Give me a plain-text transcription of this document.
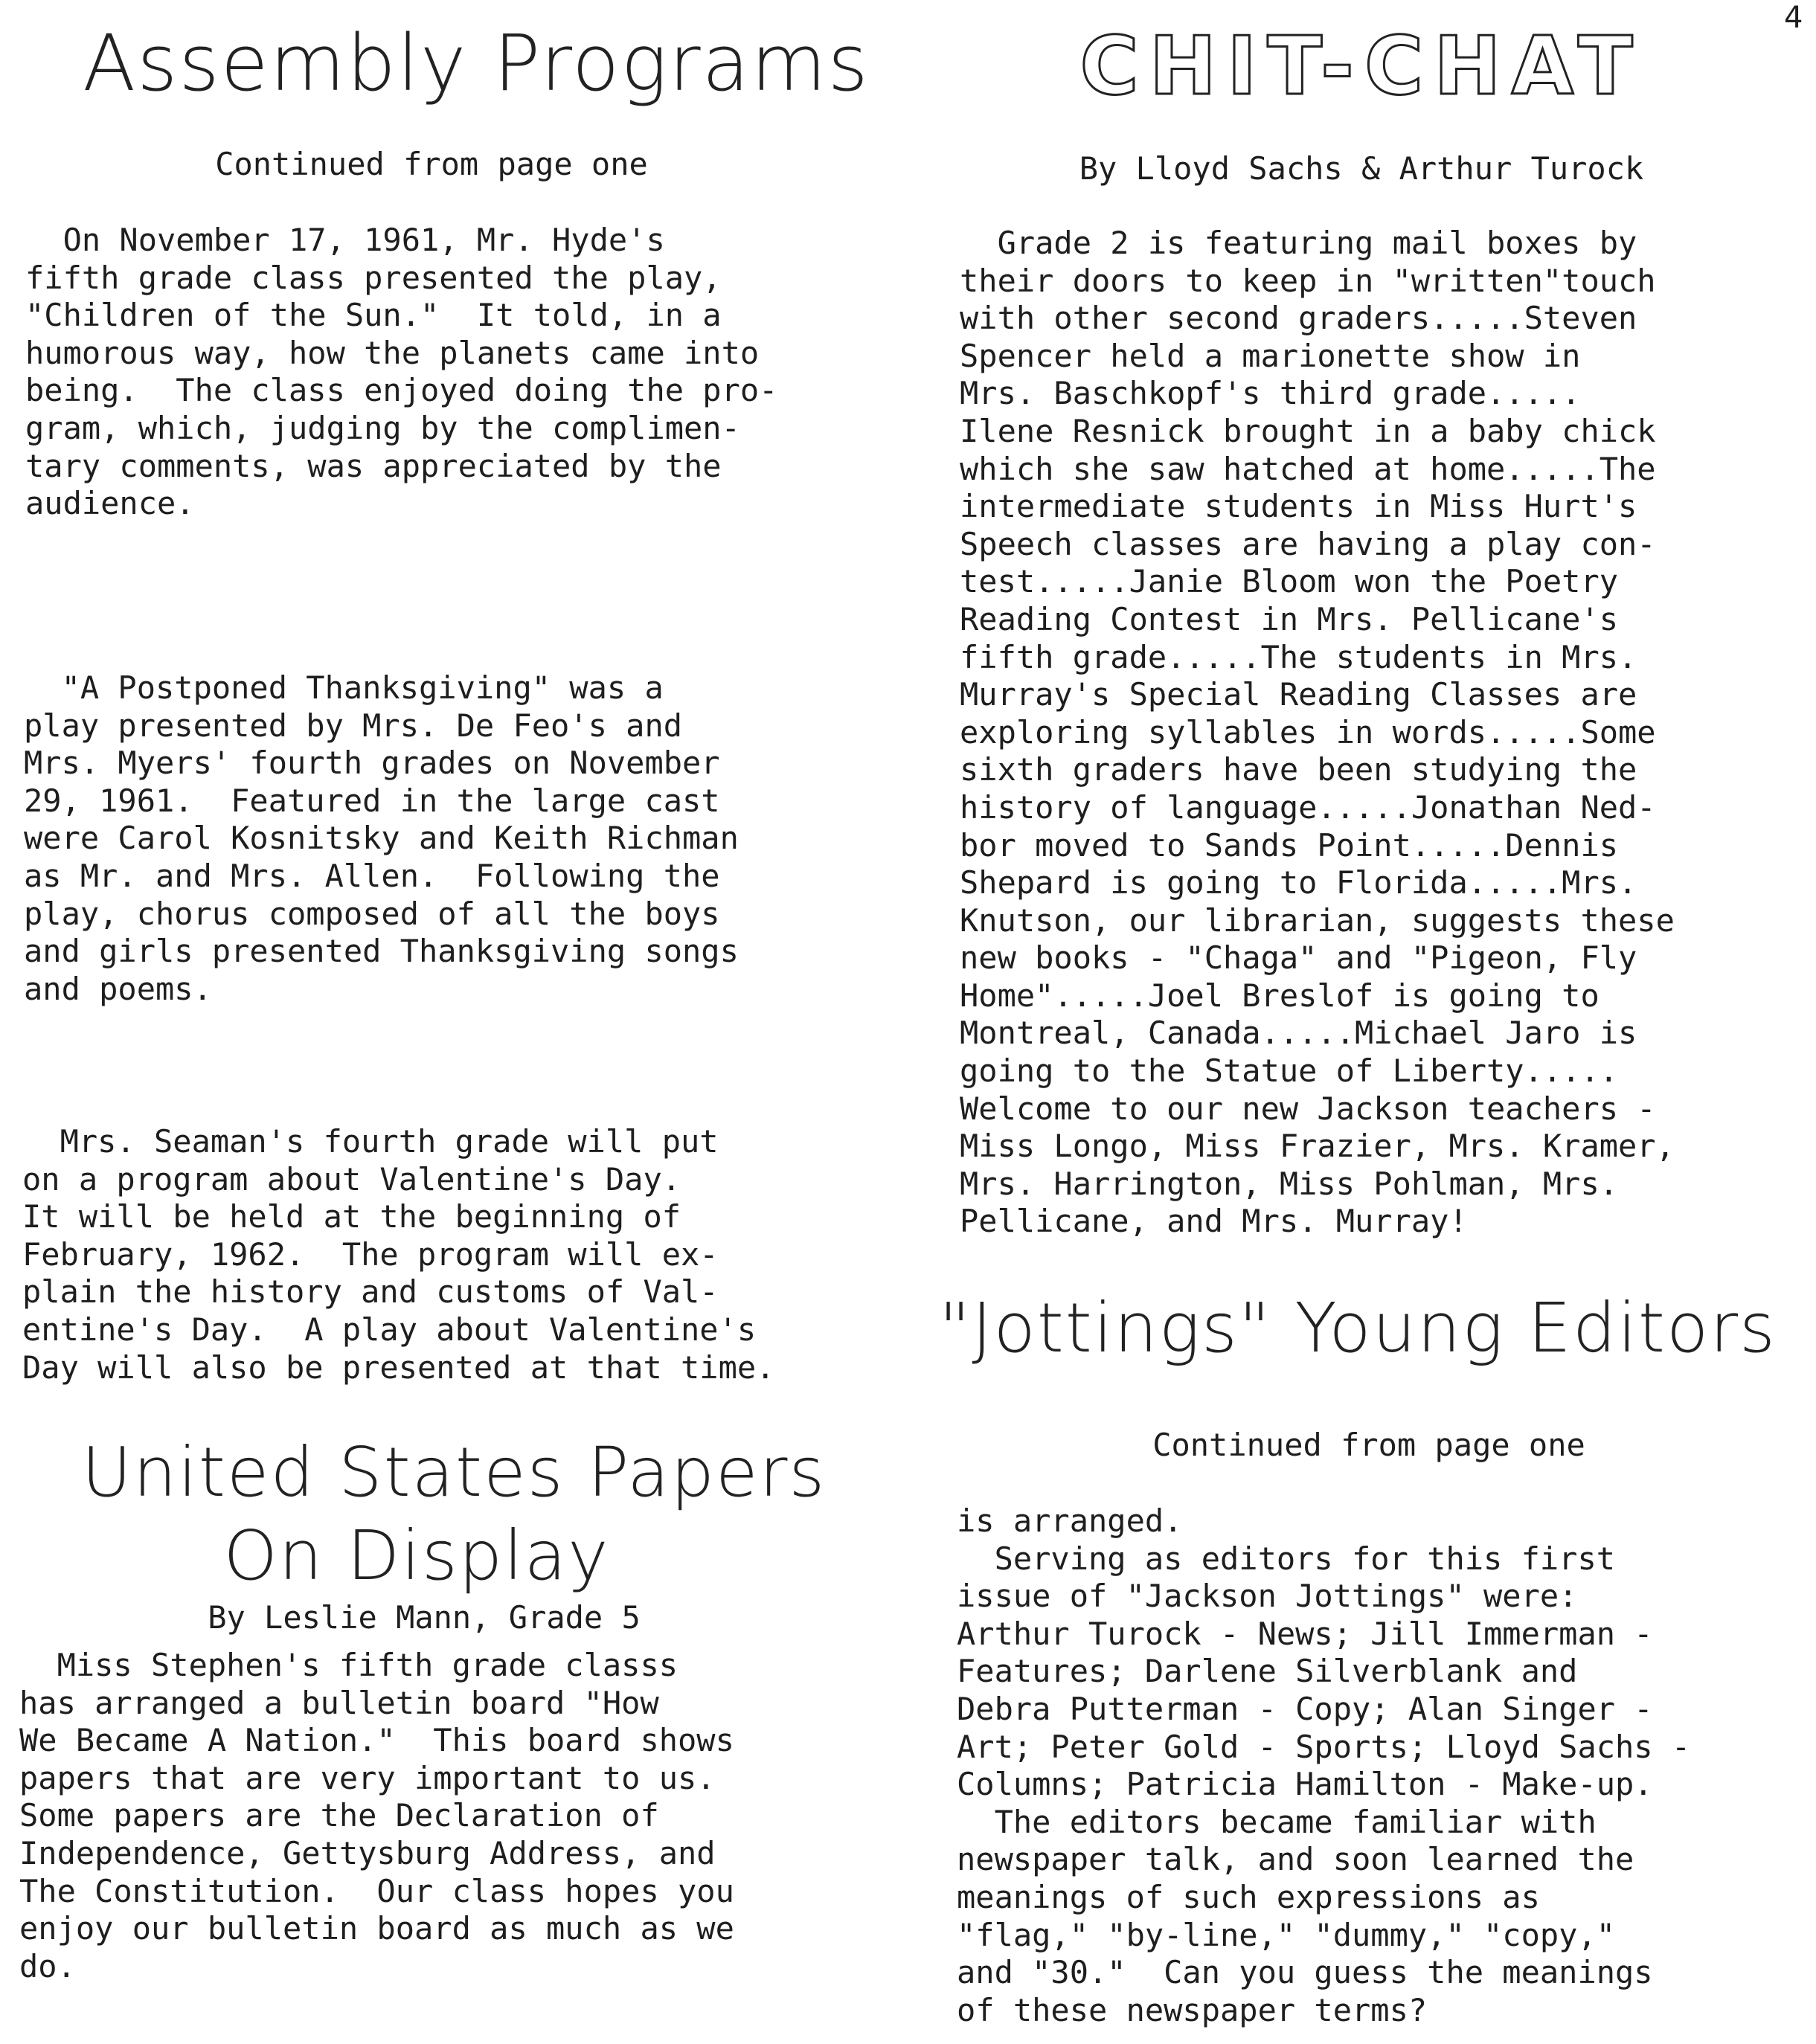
4
Assembly Programs
Continued from page one
On November 17, 1961, Mr. Hyde's
fifth grade class presented the play,
"Children of the Sun."  It told, in a
humorous way, how the planets came into
being.  The class enjoyed doing the pro-
gram, which, judging by the complimen-
tary comments, was appreciated by the
audience.
"A Postponed Thanksgiving" was a
play presented by Mrs. De Feo's and
Mrs. Myers' fourth grades on November
29, 1961.  Featured in the large cast
were Carol Kosnitsky and Keith Richman
as Mr. and Mrs. Allen.  Following the
play, chorus composed of all the boys
and girls presented Thanksgiving songs
and poems.
Mrs. Seaman's fourth grade will put
on a program about Valentine's Day.
It will be held at the beginning of
February, 1962.  The program will ex-
plain the history and customs of Val-
entine's Day.  A play about Valentine's
Day will also be presented at that time.
United States Papers
On Display
By Leslie Mann, Grade 5
Miss Stephen's fifth grade classs
has arranged a bulletin board "How
We Became A Nation."  This board shows
papers that are very important to us.
Some papers are the Declaration of
Independence, Gettysburg Address, and
The Constitution.  Our class hopes you
enjoy our bulletin board as much as we
do.
CHIT-CHAT
By Lloyd Sachs & Arthur Turock
Grade 2 is featuring mail boxes by
their doors to keep in "written"touch
with other second graders.....Steven
Spencer held a marionette show in
Mrs. Baschkopf's third grade.....
Ilene Resnick brought in a baby chick
which she saw hatched at home.....The
intermediate students in Miss Hurt's
Speech classes are having a play con-
test.....Janie Bloom won the Poetry
Reading Contest in Mrs. Pellicane's
fifth grade.....The students in Mrs.
Murray's Special Reading Classes are
exploring syllables in words.....Some
sixth graders have been studying the
history of language.....Jonathan Ned-
bor moved to Sands Point.....Dennis
Shepard is going to Florida.....Mrs.
Knutson, our librarian, suggests these
new books - "Chaga" and "Pigeon, Fly
Home".....Joel Breslof is going to
Montreal, Canada.....Michael Jaro is
going to the Statue of Liberty.....
Welcome to our new Jackson teachers -
Miss Longo, Miss Frazier, Mrs. Kramer,
Mrs. Harrington, Miss Pohlman, Mrs.
Pellicane, and Mrs. Murray!
"Jottings" Young Editors
Continued from page one
is arranged.
Serving as editors for this first
issue of "Jackson Jottings" were:
Arthur Turock - News; Jill Immerman -
Features; Darlene Silverblank and
Debra Putterman - Copy; Alan Singer -
Art; Peter Gold - Sports; Lloyd Sachs -
Columns; Patricia Hamilton - Make-up.
The editors became familiar with
newspaper talk, and soon learned the
meanings of such expressions as
"flag," "by-line," "dummy," "copy,"
and "30."  Can you guess the meanings
of these newspaper terms?
